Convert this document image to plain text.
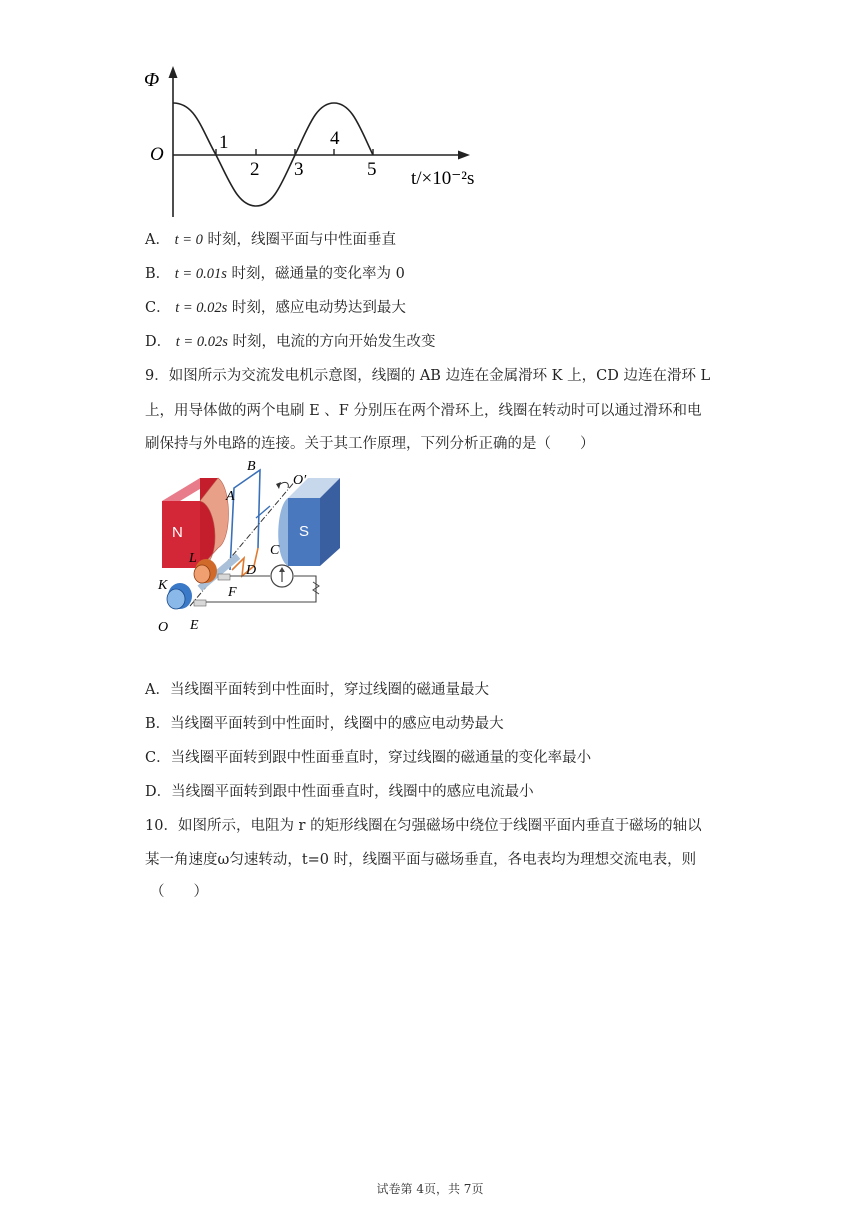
Φ
O
1
2 3
4
5 t/×10⁻²s
A． t = 0 时刻，线圈平面与中性面垂直
B． t = 0.01s 时刻，磁通量的变化率为 0
C． t = 0.02s 时刻，感应电动势达到最大
D． t = 0.02s 时刻，电流的方向开始发生改变
9．如图所示为交流发电机示意图，线圈的 AB 边连在金属滑环 K 上，CD 边连在滑环 L
上，用导体做的两个电刷 E 、F 分别压在两个滑环上，线圈在转动时可以通过滑环和电
刷保持与外电路的连接。关于其工作原理，下列分析正确的是（　　）
N	S
B
O′
A
C
L
D
K	F
O E
A．当线圈平面转到中性面时，穿过线圈的磁通量最大
B．当线圈平面转到中性面时，线圈中的感应电动势最大
C．当线圈平面转到跟中性面垂直时，穿过线圈的磁通量的变化率最小
D．当线圈平面转到跟中性面垂直时，线圈中的感应电流最小
10．如图所示，电阻为 r 的矩形线圈在匀强磁场中绕位于线圈平面内垂直于磁场的轴以
某一角速度ω匀速转动，t=0 时，线圈平面与磁场垂直，各电表均为理想交流电表，则
（　　）
试卷第 4页，共 7页
